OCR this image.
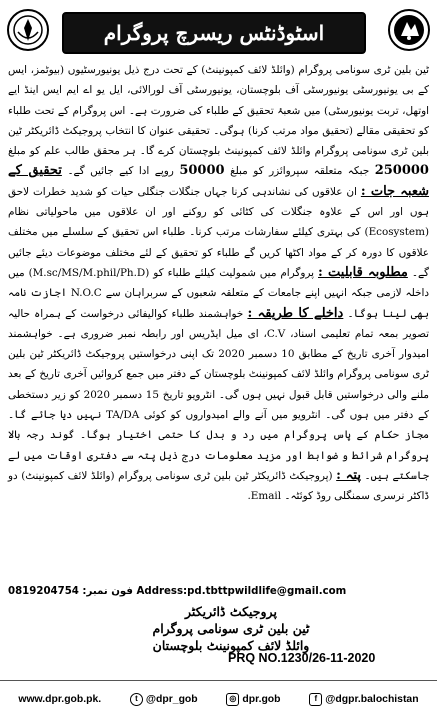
اسٹوڈنٹس ریسرچ پروگرام

ٹین بلین ٹری سونامی پروگرام (وائلڈ لائف کمپونینٹ) کے تحت درج ذیل یونیورسٹیوں (بیوٹمز، ایس کے بی یونیورسٹی یونیورسٹی آف بلوچستان، یونیورسٹی آف لورالائی، ایل یو اے ایم ایس اینڈ ایے اوتھل، تربت یونیورسٹی) میں شعبۂ تحقیق کے طلباء کی ضرورت ہے۔ اس پروگرام کے تحت طلباء کو تحقیقی مقالے (تحقیق مواد مرتب کرنا) ہوگی۔ تحقیقی عنوان کا انتخاب پروجیکٹ ڈائریکٹر ٹین بلین ٹری سونامی پروگرام وائلڈ لائف کمپونینٹ بلوچستان کرے گا۔ ہر محقق طالب علم کو مبلغ 250000 جبکہ متعلقہ سپروائزر کو مبلغ 50000 روپے ادا کیے جائیں گے۔ تحقیق کے شعبہ جات : ان علاقوں کی نشاندہی کرنا جہاں جنگلات جنگلی حیات کو شدید خطرات لاحق ہوں اور اس کے علاوہ جنگلات کی کٹائی کو روکنے اور ان علاقوں میں ماحولیاتی نظام (Ecosystem) کی بہتری کیلئے سفارشات مرتب کرنا۔ طلباء اس تحقیق کے سلسلے میں مختلف علاقوں کا دورہ کر کے مواد اکٹھا کریں گے طلباء کو تحقیق کے لئے مختلف موضوعات دیئے جائیں گے۔ مطلوبہ قابلیت : پروگرام میں شمولیت کیلئے طلباء کو (M.sc/MS/M.phil/Ph.D) میں داخلہ لازمی جبکہ انہیں اپنے جامعات کے متعلقہ شعبوں کے سربراہان سے N.O.C اجازت نامہ بھی لینا ہوگا۔ داخلے کا طریقہ : خواہشمند طلباء کوالیفائی درخواست کے ہمراہ حالیہ تصویر بمعہ تمام تعلیمی اسناد، C.V، ای میل ایڈریس اور رابطہ نمبر ضروری ہے۔ خواہشمند امیدوار آخری تاریخ کے مطابق 10 دسمبر 2020 تک اپنی درخواستیں پروجیکٹ ڈائریکٹر ٹین بلین ٹری سونامی پروگرام وائلڈ لائف کمپونینٹ بلوچستان کے دفتر میں جمع کروائیں آخری تاریخ کے بعد ملنے والی درخواستیں قابل قبول نہیں ہوں گی۔ انٹرویو تاریخ 15 دسمبر 2020 کو زیر دستخطی کے دفتر میں ہوں گی۔ انٹرویو میں آنے والے امیدواروں کو کوئی TA/DA نہیں دیا جائے گا۔ مجاز حکام کے پاس پروگرام میں رد و بدل کا حتمی اختیار ہوگا۔ گوند رجہ بالا پروگرام شرائط و ضوابط اور مزید معلومات درج ذیل پتہ سے دفتری اوقات میں لے جاسکتے ہیں۔ پتہ : (پروجیکٹ ڈائریکٹر ٹین بلین ٹری سونامی پروگرام (وائلڈ لائف کمپونینٹ) دو ڈاکٹر نرسری سمنگلی روڈ کوئٹہ۔ Email.

Address:pd.tbttpwildlife@gmail.com فون نمبر: 0819204754
پروجیکٹ ڈائریکٹر
ٹین بلین ٹری سونامی پروگرام
وائلڈ لائف کمپونینٹ بلوچستان
PRQ NO.1230/26-11-2020
www.dpr.gob.pk.	t @dpr_gob	◎ dpr.gob	f @dgpr.balochistan
